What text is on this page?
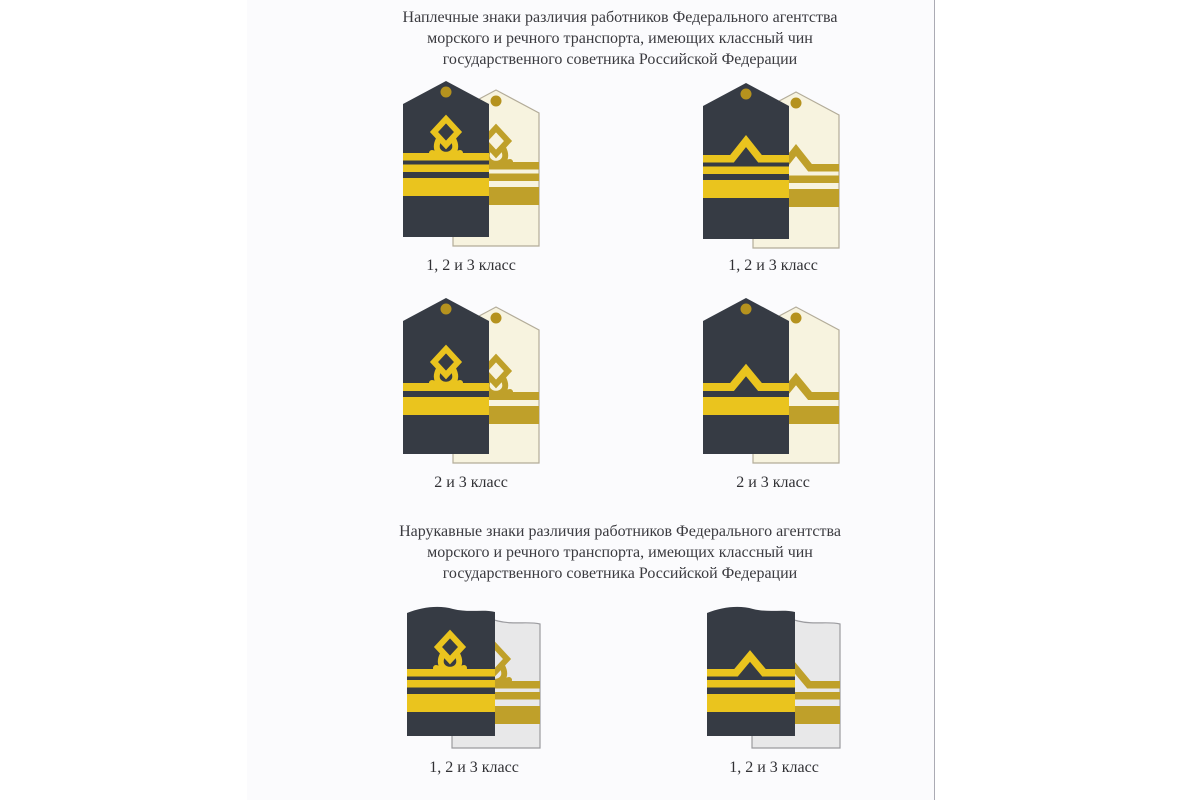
Наплечные знаки различия работников Федерального агентства
морского и речного транспорта, имеющих классный чин
государственного советника Российской Федерации
1, 2 и 3 класс	1, 2 и 3 класс
2 и 3 класс	2 и 3 класс
Нарукавные знаки различия работников Федерального агентства
морского и речного транспорта, имеющих классный чин
государственного советника Российской Федерации
1, 2 и 3 класс	1, 2 и 3 класс
